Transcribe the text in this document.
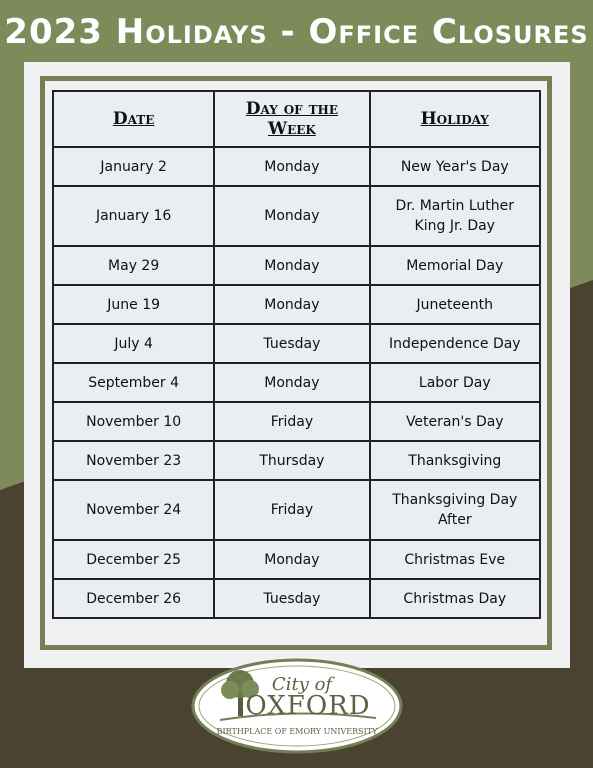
2023 Holidays - Office Closures
Date	Day of the Week	Holiday
January 2	Monday	New Year's Day
January 16	Monday	Dr. Martin Luther King Jr. Day
May 29	Monday	Memorial Day
June 19	Monday	Juneteenth
July 4	Tuesday	Independence Day
September 4	Monday	Labor Day
November 10	Friday	Veteran's Day
November 23	Thursday	Thanksgiving
November 24	Friday	Thanksgiving Day After
December 25	Monday	Christmas Eve
December 26	Tuesday	Christmas Day
City of
OXFORD
BIRTHPLACE OF EMORY UNIVERSITY
